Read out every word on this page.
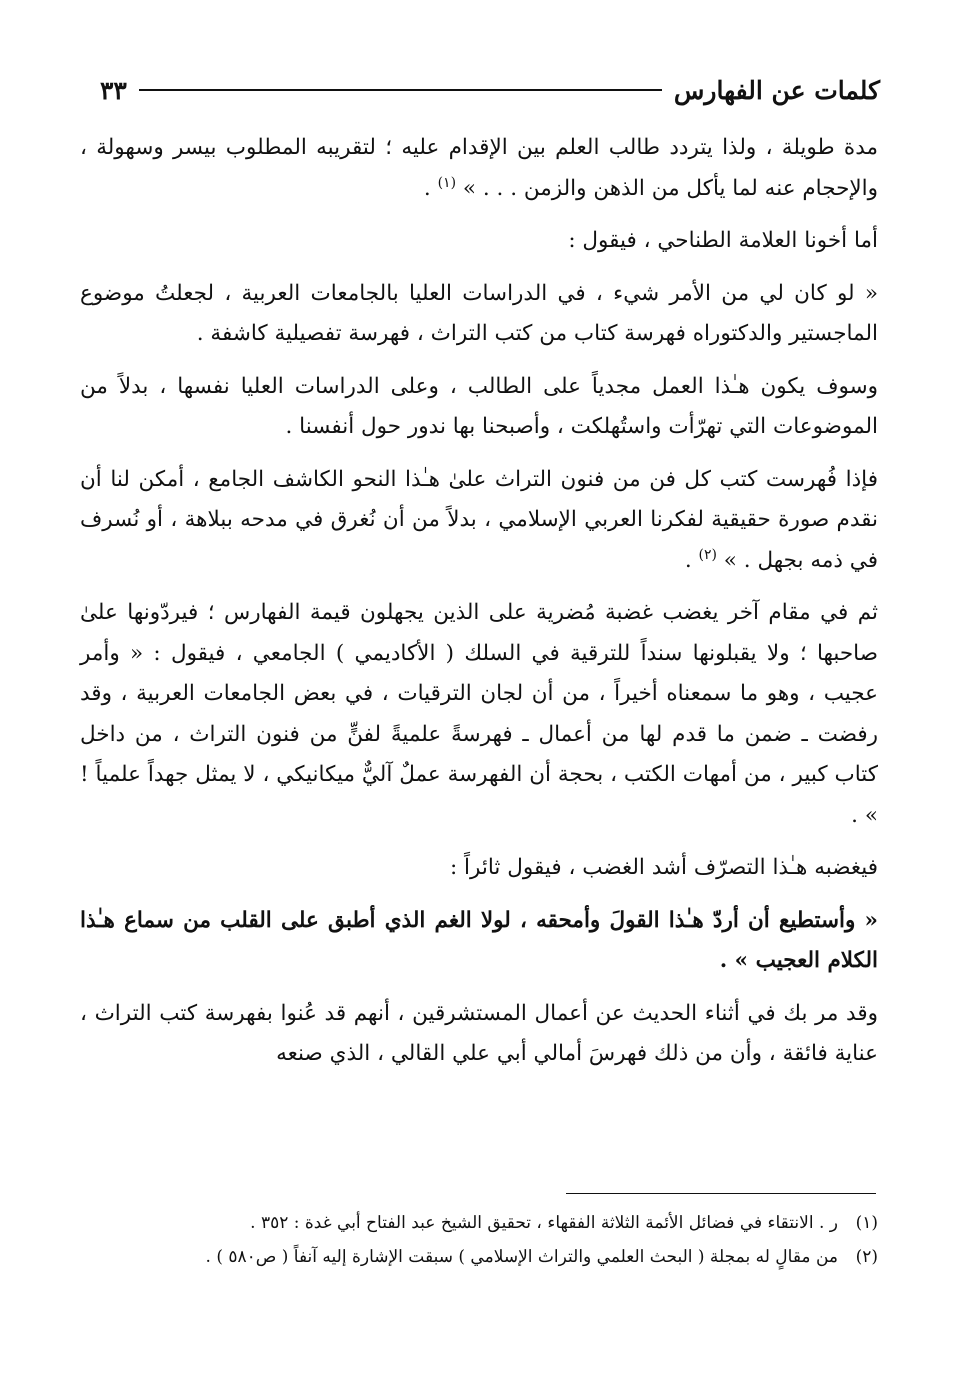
كلمات عن الفهارس
٣٣

مدة طويلة ، ولذا يتردد طالب العلم بين الإقدام عليه ؛ لتقريبه المطلوب بيسر وسهولة ، والإحجام عنه لما يأكل من الذهن والزمن . . . » $^{(١)}$ .

أما أخونا العلامة الطناحي ، فيقول :

« لو كان لي من الأمر شيء ، في الدراسات العليا بالجامعات العربية ، لجعلتُ موضوع الماجستير والدكتوراه فهرسة كتاب من كتب التراث ، فهرسة تفصيلية كاشفة .

وسوف يكون هـٰذا العمل مجدياً على الطالب ، وعلى الدراسات العليا نفسها ، بدلاً من الموضوعات التي تهرّأت واستُهلكت ، وأصبحنا بها ندور حول أنفسنا .

فإذا فُهرست كتب كل فن من فنون التراث علىٰ هـٰذا النحو الكاشف الجامع ، أمكن لنا أن نقدم صورة حقيقية لفكرنا العربي الإسلامي ، بدلاً من أن نُغرق في مدحه ببلاهة ، أو نُسرف في ذمه بجهل . » $^{(٢)}$ .

ثم في مقام آخر يغضب غضبة مُضرية على الذين يجهلون قيمة الفهارس ؛ فيردّونها علىٰ صاحبها ؛ ولا يقبلونها سنداً للترقية في السلك ( الأكاديمي ) الجامعي ، فيقول : « وأمر عجيب ، وهو ما سمعناه أخيراً ، من أن لجان الترقيات ، في بعض الجامعات العربية ، وقد رفضت ـ ضمن ما قدم لها من أعمال ـ فهرسةً علميةً لفنٍّ من فنون التراث ، من داخل كتاب كبير ، من أمهات الكتب ، بحجة أن الفهرسة عملٌ آليٌّ ميكانيكي ، لا يمثل جهداً علمياً ! » .

فيغضبه هـٰذا التصرّف أشد الغضب ، فيقول ثائراً :

« وأستطيع أن أردّ هـٰذا القولَ وأمحقه ، لولا الغم الذي أطبق على القلب من سماع هـٰذا الكلام العجيب » .

وقد مر بك في أثناء الحديث عن أعمال المستشرقين ، أنهم قد عُنوا بفهرسة كتب التراث ، عناية فائقة ، وأن من ذلك فهرسَ أمالي أبي علي القالي ، الذي صنعه

(١)
ر . الانتقاء في فضائل الأئمة الثلاثة الفقهاء ، تحقيق الشيخ عبد الفتاح أبي غدة : ٣٥٢ .
(٢)
من مقالٍ له بمجلة ( البحث العلمي والتراث الإسلامي ) سبقت الإشارة إليه آنفاً ( ص٥٨٠ ) .
